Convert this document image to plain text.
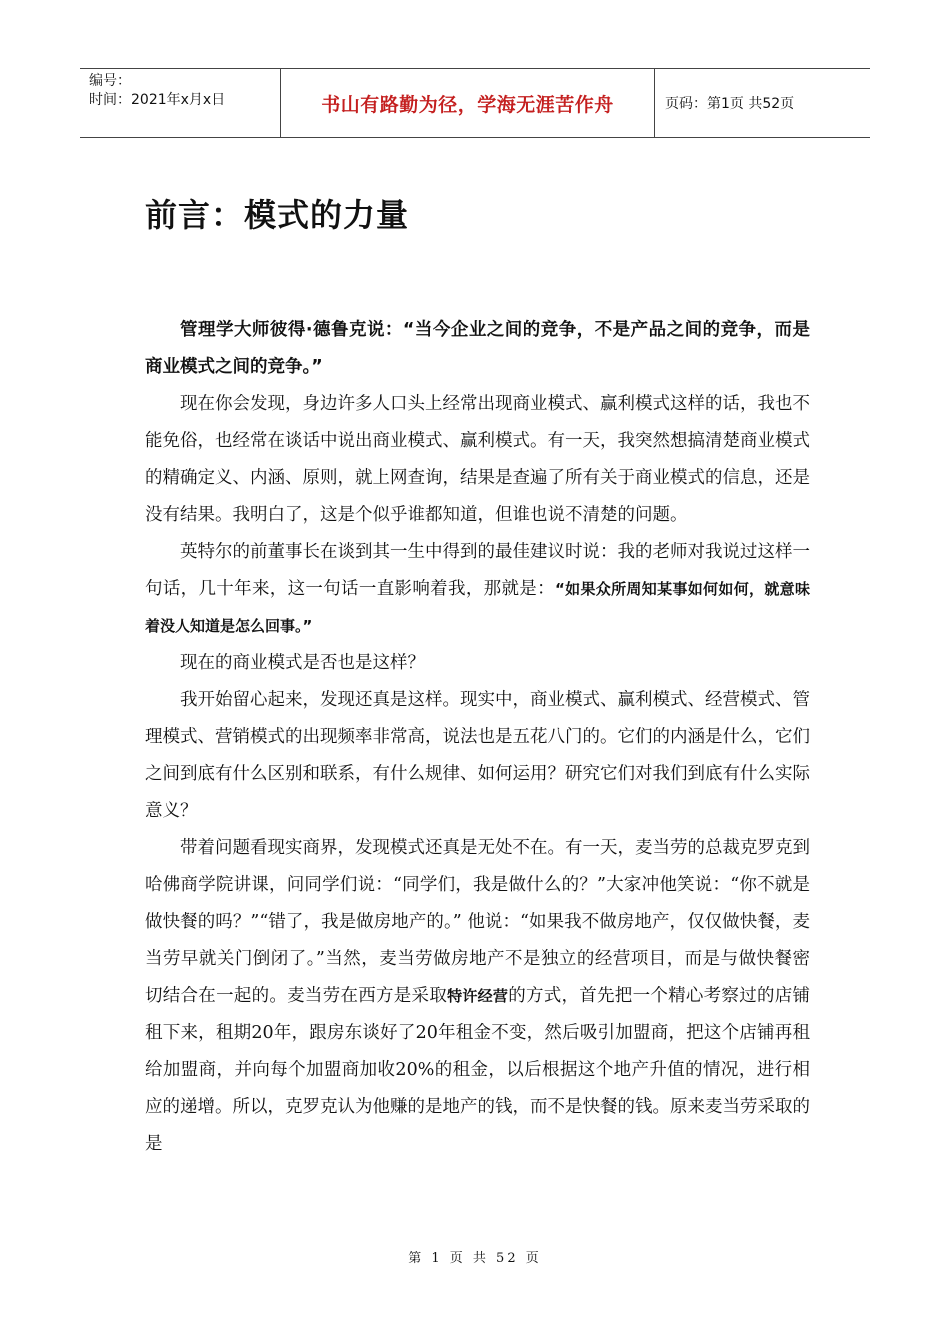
编号：
时间：2021年x月x日	书山有路勤为径，学海无涯苦作舟	页码：第1页 共52页
前言：模式的力量

管理学大师彼得·德鲁克说：“当今企业之间的竞争，不是产品之间的竞争，而是商业模式之间的竞争。”

现在你会发现，身边许多人口头上经常出现商业模式、赢利模式这样的话，我也不能免俗，也经常在谈话中说出商业模式、赢利模式。有一天，我突然想搞清楚商业模式的精确定义、内涵、原则，就上网查询，结果是查遍了所有关于商业模式的信息，还是没有结果。我明白了，这是个似乎谁都知道，但谁也说不清楚的问题。

英特尔的前董事长在谈到其一生中得到的最佳建议时说：我的老师对我说过这样一句话，几十年来，这一句话一直影响着我，那就是：“如果众所周知某事如何如何，就意味着没人知道是怎么回事。”

现在的商业模式是否也是这样？

我开始留心起来，发现还真是这样。现实中，商业模式、赢利模式、经营模式、管理模式、营销模式的出现频率非常高，说法也是五花八门的。它们的内涵是什么，它们之间到底有什么区别和联系，有什么规律、如何运用？研究它们对我们到底有什么实际意义？

带着问题看现实商界，发现模式还真是无处不在。有一天，麦当劳的总裁克罗克到哈佛商学院讲课，问同学们说：“同学们，我是做什么的？”大家冲他笑说：“你不就是做快餐的吗？”“错了，我是做房地产的。” 他说：“如果我不做房地产，仅仅做快餐，麦当劳早就关门倒闭了。”当然，麦当劳做房地产不是独立的经营项目，而是与做快餐密切结合在一起的。麦当劳在西方是采取特许经营的方式，首先把一个精心考察过的店铺租下来，租期20年，跟房东谈好了20年租金不变，然后吸引加盟商，把这个店铺再租给加盟商，并向每个加盟商加收20%的租金，以后根据这个地产升值的情况，进行相应的递增。所以，克罗克认为他赚的是地产的钱，而不是快餐的钱。原来麦当劳采取的是

第 1 页 共 52 页
